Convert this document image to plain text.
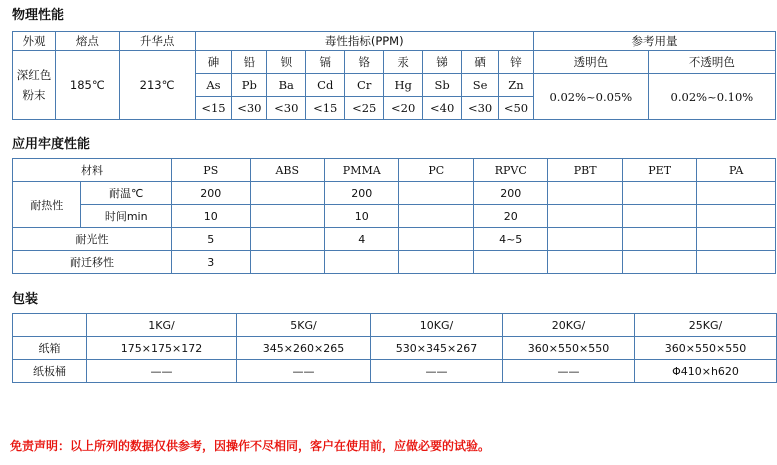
物理性能
外观	熔点	升华点	毒性指标(PPM)									参考用量	
深红色粉末	185℃	213℃	砷	铅	钡	镉	铬	汞	锑	硒	锌	透明色	不透明色
			As	Pb	Ba	Cd	Cr	Hg	Sb	Se	Zn	0.02%~0.05%	0.02%~0.10%
			<15	<30	<30	<15	<25	<20	<40	<30	<50		
应用牢度性能
材料		PS	ABS	PMMA	PC	RPVC	PBT	PET	PA
耐热性	耐温℃	200		200		200			
	时间min	10		10		20			
耐光性		5		4		4~5			
耐迁移性		3							
包装
	1KG/	5KG/	10KG/	20KG/	25KG/
纸箱	175×175×172	345×260×265	530×345×267	360×550×550	360×550×550
纸板桶	——	——	——	——	Φ410×h620
免责声明：以上所列的数据仅供参考，因操作不尽相同，客户在使用前，应做必要的试验。
